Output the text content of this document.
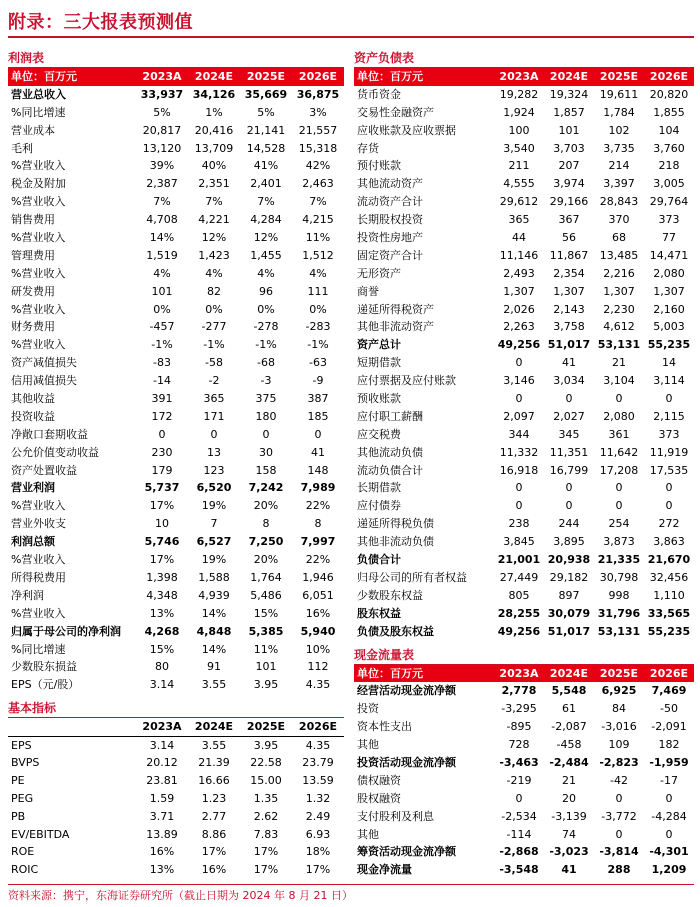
附录：三大报表预测值
利润表
单位：百万元	2023A	2024E	2025E	2026E
营业总收入	33,937 34,126 35,669 36,875
%同比增速	5%	1%	5%	3%
营业成本	20,817	20,416	21,141	21,557
毛利	13,120	13,709	14,528	15,318
%营业收入	39%	40%	41%	42%
税金及附加	2,387	2,351	2,401	2,463
%营业收入	7%	7%	7%	7%
销售费用	4,708	4,221	4,284	4,215
%营业收入	14%	12%	12%	11%
管理费用	1,519	1,423	1,455	1,512
%营业收入	4%	4%	4%	4%
研发费用	101	82	96	111
%营业收入	0%	0%	0%	0%
财务费用	-457	-277	-278	-283
%营业收入	-1%	-1%	-1%	-1%
资产减值损失	-83	-58	-68	-63
信用减值损失	-14	-2	-3	-9
其他收益	391	365	375	387
投资收益	172	171	180	185
净敞口套期收益	0	0	0	0
公允价值变动收益	230	13	30	41
资产处置收益	179	123	158	148
营业利润	5,737	6,520	7,242	7,989
%营业收入	17%	19%	20%	22%
营业外收支	10	7	8	8
利润总额	5,746	6,527	7,250	7,997
%营业收入	17%	19%	20%	22%
所得税费用	1,398	1,588	1,764	1,946
净利润	4,348	4,939	5,486	6,051
%营业收入	13%	14%	15%	16%
归属于母公司的净利润	4,268	4,848	5,385	5,940
%同比增速	15%	14%	11%	10%
少数股东损益	80	91	101	112
EPS（元/股）	3.14	3.55	3.95	4.35
基本指标
2023A	2024E	2025E	2026E
EPS	3.14	3.55	3.95	4.35
BVPS	20.12	21.39	22.58	23.79
PE	23.81	16.66	15.00	13.59
PEG	1.59	1.23	1.35	1.32
PB	3.71	2.77	2.62	2.49
EV/EBITDA	13.89	8.86	7.83	6.93
ROE	16%	17%	17%	18%
ROIC	13%	16%	17%	17%
资产负债表
单位：百万元	2023A	2024E	2025E	2026E
货币资金	19,282	19,324	19,611	20,820
交易性金融资产	1,924	1,857	1,784	1,855
应收账款及应收票据	100	101	102	104
存货	3,540	3,703	3,735	3,760
预付账款	211	207	214	218
其他流动资产	4,555	3,974	3,397	3,005
流动资产合计	29,612	29,166	28,843	29,764
长期股权投资	365	367	370	373
投资性房地产	44	56	68	77
固定资产合计	11,146	11,867	13,485	14,471
无形资产	2,493	2,354	2,216	2,080
商誉	1,307	1,307	1,307	1,307
递延所得税资产	2,026	2,143	2,230	2,160
其他非流动资产	2,263	3,758	4,612	5,003
资产总计	49,256 51,017 53,131 55,235
短期借款	0	41	21	14
应付票据及应付账款	3,146	3,034	3,104	3,114
预收账款	0	0	0	0
应付职工薪酬	2,097	2,027	2,080	2,115
应交税费	344	345	361	373
其他流动负债	11,332	11,351	11,642	11,919
流动负债合计	16,918	16,799	17,208	17,535
长期借款	0	0	0	0
应付债券	0	0	0	0
递延所得税负债	238	244	254	272
其他非流动负债	3,845	3,895	3,873	3,863
负债合计	21,001 20,938 21,335 21,670
归母公司的所有者权益	27,449	29,182	30,798	32,456
少数股东权益	805	897	998	1,110
股东权益	28,255 30,079 31,796 33,565
负债及股东权益	49,256 51,017 53,131 55,235
现金流量表
单位：百万元	2023A	2024E	2025E	2026E
经营活动现金流净额	2,778	5,548	6,925	7,469
投资	-3,295	61	84	-50
资本性支出	-895	-2,087	-3,016	-2,091
其他	728	-458	109	182
投资活动现金流净额	-3,463 -2,484 -2,823 -1,959
债权融资	-219	21	-42	-17
股权融资	0	20	0	0
支付股利及利息	-2,534	-3,139	-3,772	-4,284
其他	-114	74	0	0
筹资活动现金流净额	-2,868 -3,023 -3,814 -4,301
现金净流量	-3,548	41	288	1,209
资料来源：携宁，东海证券研究所（截止日期为 2024 年 8 月 21 日）
